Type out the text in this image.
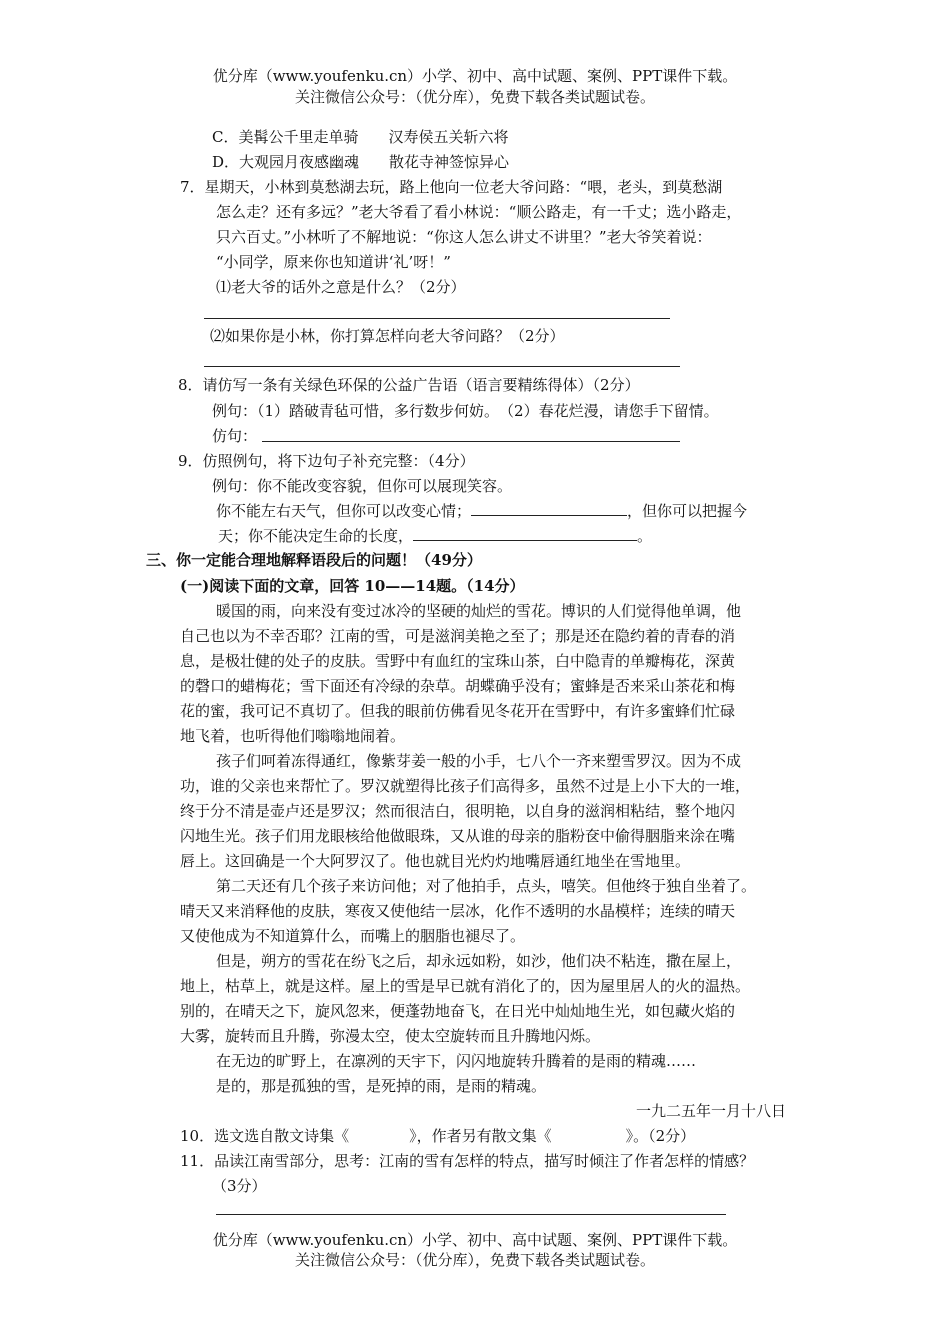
优分库（www.youfenku.cn）小学、初中、高中试题、案例、PPT课件下载。
关注微信公众号：（优分库），免费下载各类试题试卷。
C．美髯公千里走单骑　　汉寿侯五关斩六将
D．大观园月夜感幽魂　　散花寺神签惊异心
7．星期天，小林到莫愁湖去玩，路上他向一位老大爷问路：“喂，老头，到莫愁湖
怎么走？还有多远？”老大爷看了看小林说：“顺公路走，有一千丈；选小路走，
只六百丈。”小林听了不解地说：“你这人怎么讲丈不讲里？”老大爷笑着说：
“小同学，原来你也知道讲‘礼’呀！”
⑴老大爷的话外之意是什么？（2分）
⑵如果你是小林，你打算怎样向老大爷问路？（2分）
8．请仿写一条有关绿色环保的公益广告语（语言要精练得体）（2分）
例句：（1）踏破青毡可惜，多行数步何妨。　（2）春花烂漫，请您手下留情。
仿句：
9．仿照例句，将下边句子补充完整：（4分）
例句：你不能改变容貌，但你可以展现笑容。
你不能左右天气，但你可以改变心情；	，但你可以把握今
天；你不能决定生命的长度，	。
三、你一定能合理地解释语段后的问题！（49分）
(一)阅读下面的文章，回答 10——14题。（14分）
暖国的雨，向来没有变过冰冷的坚硬的灿烂的雪花。博识的人们觉得他单调，他
自己也以为不幸否耶？江南的雪，可是滋润美艳之至了；那是还在隐约着的青春的消
息，是极壮健的处子的皮肤。雪野中有血红的宝珠山茶，白中隐青的单瓣梅花，深黄
的磬口的蜡梅花；雪下面还有冷绿的杂草。胡蝶确乎没有；蜜蜂是否来采山茶花和梅
花的蜜，我可记不真切了。但我的眼前仿佛看见冬花开在雪野中，有许多蜜蜂们忙碌
地飞着，也听得他们嗡嗡地闹着。
孩子们呵着冻得通红，像紫芽姜一般的小手，七八个一齐来塑雪罗汉。因为不成
功，谁的父亲也来帮忙了。罗汉就塑得比孩子们高得多，虽然不过是上小下大的一堆，
终于分不清是壶卢还是罗汉；然而很洁白，很明艳，以自身的滋润相粘结，整个地闪
闪地生光。孩子们用龙眼核给他做眼珠，又从谁的母亲的脂粉奁中偷得胭脂来涂在嘴
唇上。这回确是一个大阿罗汉了。他也就目光灼灼地嘴唇通红地坐在雪地里。
第二天还有几个孩子来访问他；对了他拍手，点头，嘻笑。但他终于独自坐着了。
晴天又来消释他的皮肤，寒夜又使他结一层冰，化作不透明的水晶模样；连续的晴天
又使他成为不知道算什么，而嘴上的胭脂也褪尽了。
但是，朔方的雪花在纷飞之后，却永远如粉，如沙，他们决不粘连，撒在屋上，
地上，枯草上，就是这样。屋上的雪是早已就有消化了的，因为屋里居人的火的温热。
别的，在晴天之下，旋风忽来，便蓬勃地奋飞，在日光中灿灿地生光，如包藏火焰的
大雾，旋转而且升腾，弥漫太空，使太空旋转而且升腾地闪烁。
在无边的旷野上，在凛冽的天宇下，闪闪地旋转升腾着的是雨的精魂……
是的，那是孤独的雪，是死掉的雨，是雨的精魂。
一九二五年一月十八日
10．选文选自散文诗集《	》，作者另有散文集《	》。（2分）
11．品读江南雪部分，思考：江南的雪有怎样的特点，描写时倾注了作者怎样的情感？
（3分）
优分库（www.youfenku.cn）小学、初中、高中试题、案例、PPT课件下载。
关注微信公众号：（优分库），免费下载各类试题试卷。
